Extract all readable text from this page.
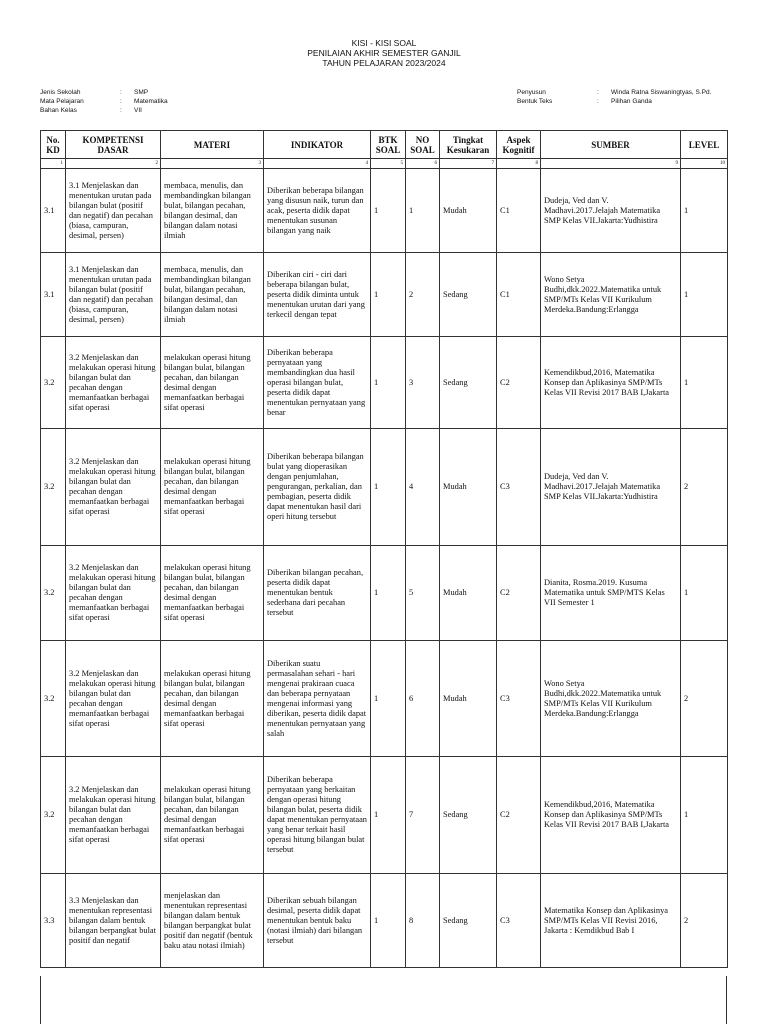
KISI - KISI SOAL
PENILAIAN AKHIR SEMESTER GANJIL
TAHUN PELAJARAN 2023/2024
Jenis Sekolah	:	SMP
Mata Pelajaran	:	Matematika
Bahan Kelas	:	VII
Penyusun	:	Winda Ratna Siswaningtyas, S.Pd.
Bentuk Teks	:	Pilihan Ganda
No. KD	KOMPETENSI DASAR	MATERI	INDIKATOR	BTK SOAL	NO SOAL	Tingkat Kesukaran	Aspek Kognitif	SUMBER	LEVEL
1	2	3	4	5	6	7	8	9	10
3.1	3.1 Menjelaskan dan menentukan urutan pada bilangan bulat (positif dan negatif) dan pecahan (biasa, campuran, desimal, persen)	membaca, menulis, dan membandingkan bilangan bulat, bilangan pecahan, bilangan desimal, dan bilangan dalam notasi ilmiah	Diberikan beberapa bilangan yang disusun naik, turun dan acak, peserta didik dapat menentukan susunan bilangan yang naik	1	1	Mudah	C1	Dudeja, Ved dan V. Madhavi.2017.Jelajah Matematika SMP Kelas VII.Jakarta:Yudhistira	1
3.1	3.1 Menjelaskan dan menentukan urutan pada bilangan bulat (positif dan negatif) dan pecahan (biasa, campuran, desimal, persen)	membaca, menulis, dan membandingkan bilangan bulat, bilangan pecahan, bilangan desimal, dan bilangan dalam notasi ilmiah	Diberikan ciri - ciri dari beberapa bilangan bulat, peserta didik diminta untuk menentukan urutan dari yang terkecil dengan tepat	1	2	Sedang	C1	Wono Setya Budhi,dkk.2022.Matematika untuk SMP/MTs Kelas VII Kurikulum Merdeka.Bandung:Erlangga	1
3.2	3.2 Menjelaskan dan melakukan operasi hitung bilangan bulat dan pecahan dengan memanfaatkan berbagai sifat operasi	melakukan operasi hitung bilangan bulat, bilangan pecahan, dan bilangan desimal dengan memanfaatkan berbagai sifat operasi	Diberikan beberapa pernyataan yang membandingkan dua hasil operasi bilangan bulat, peserta didik dapat menentukan pernyataan yang benar	1	3	Sedang	C2	Kemendikbud,2016, Matematika Konsep dan Aplikasinya SMP/MTs Kelas VII Revisi 2017 BAB I,Jakarta	1
3.2	3.2 Menjelaskan dan melakukan operasi hitung bilangan bulat dan pecahan dengan memanfaatkan berbagai sifat operasi	melakukan operasi hitung bilangan bulat, bilangan pecahan, dan bilangan desimal dengan memanfaatkan berbagai sifat operasi	Diberikan beberapa bilangan bulat yang dioperasikan dengan penjumlahan, pengurangan, perkalian, dan pembagian, peserta didik dapat menentukan hasil dari operi hitung tersebut	1	4	Mudah	C3	Dudeja, Ved dan V. Madhavi.2017.Jelajah Matematika SMP Kelas VII.Jakarta:Yudhistira	2
3.2	3.2 Menjelaskan dan melakukan operasi hitung bilangan bulat dan pecahan dengan memanfaatkan berbagai sifat operasi	melakukan operasi hitung bilangan bulat, bilangan pecahan, dan bilangan desimal dengan memanfaatkan berbagai sifat operasi	Diberikan bilangan pecahan, peserta didik dapat menentukan bentuk sederhana dari pecahan tersebut	1	5	Mudah	C2	Dianita, Rosma.2019. Kusuma Matematika untuk SMP/MTS Kelas VII Semester 1	1
3.2	3.2 Menjelaskan dan melakukan operasi hitung bilangan bulat dan pecahan dengan memanfaatkan berbagai sifat operasi	melakukan operasi hitung bilangan bulat, bilangan pecahan, dan bilangan desimal dengan memanfaatkan berbagai sifat operasi	Diberikan suatu permasalahan sehari - hari mengenai prakiraan cuaca dan beberapa pernyataan mengenai informasi yang diberikan, peserta didik dapat menentukan pernyataan yang salah	1	6	Mudah	C3	Wono Setya Budhi,dkk.2022.Matematika untuk SMP/MTs Kelas VII Kurikulum Merdeka.Bandung:Erlangga	2
3.2	3.2 Menjelaskan dan melakukan operasi hitung bilangan bulat dan pecahan dengan memanfaatkan berbagai sifat operasi	melakukan operasi hitung bilangan bulat, bilangan pecahan, dan bilangan desimal dengan memanfaatkan berbagai sifat operasi	Diberikan beberapa pernyataan yang berkaitan dengan operasi hitung bilangan bulat, peserta didik dapat menentukan pernyataan yang benar terkait hasil operasi hitung bilangan bulat tersebut	1	7	Sedang	C2	Kemendikbud,2016, Matematika Konsep dan Aplikasinya SMP/MTs Kelas VII Revisi 2017 BAB I,Jakarta	1
3.3	3.3 Menjelaskan dan menentukan representasi bilangan dalam bentuk bilangan berpangkat bulat positif dan negatif	menjelaskan dan menentukan representasi bilangan dalam bentuk bilangan berpangkat bulat positif dan negatif (bentuk baku atau notasi ilmiah)	Diberikan sebuah bilangan desimal, peserta didik dapat menentukan bentuk baku (notasi ilmiah) dari bilangan tersebut	1	8	Sedang	C3	Matematika Konsep dan Aplikasinya SMP/MTs Kelas VII Revisi 2016, Jakarta : Kemdikbud Bab I	2
